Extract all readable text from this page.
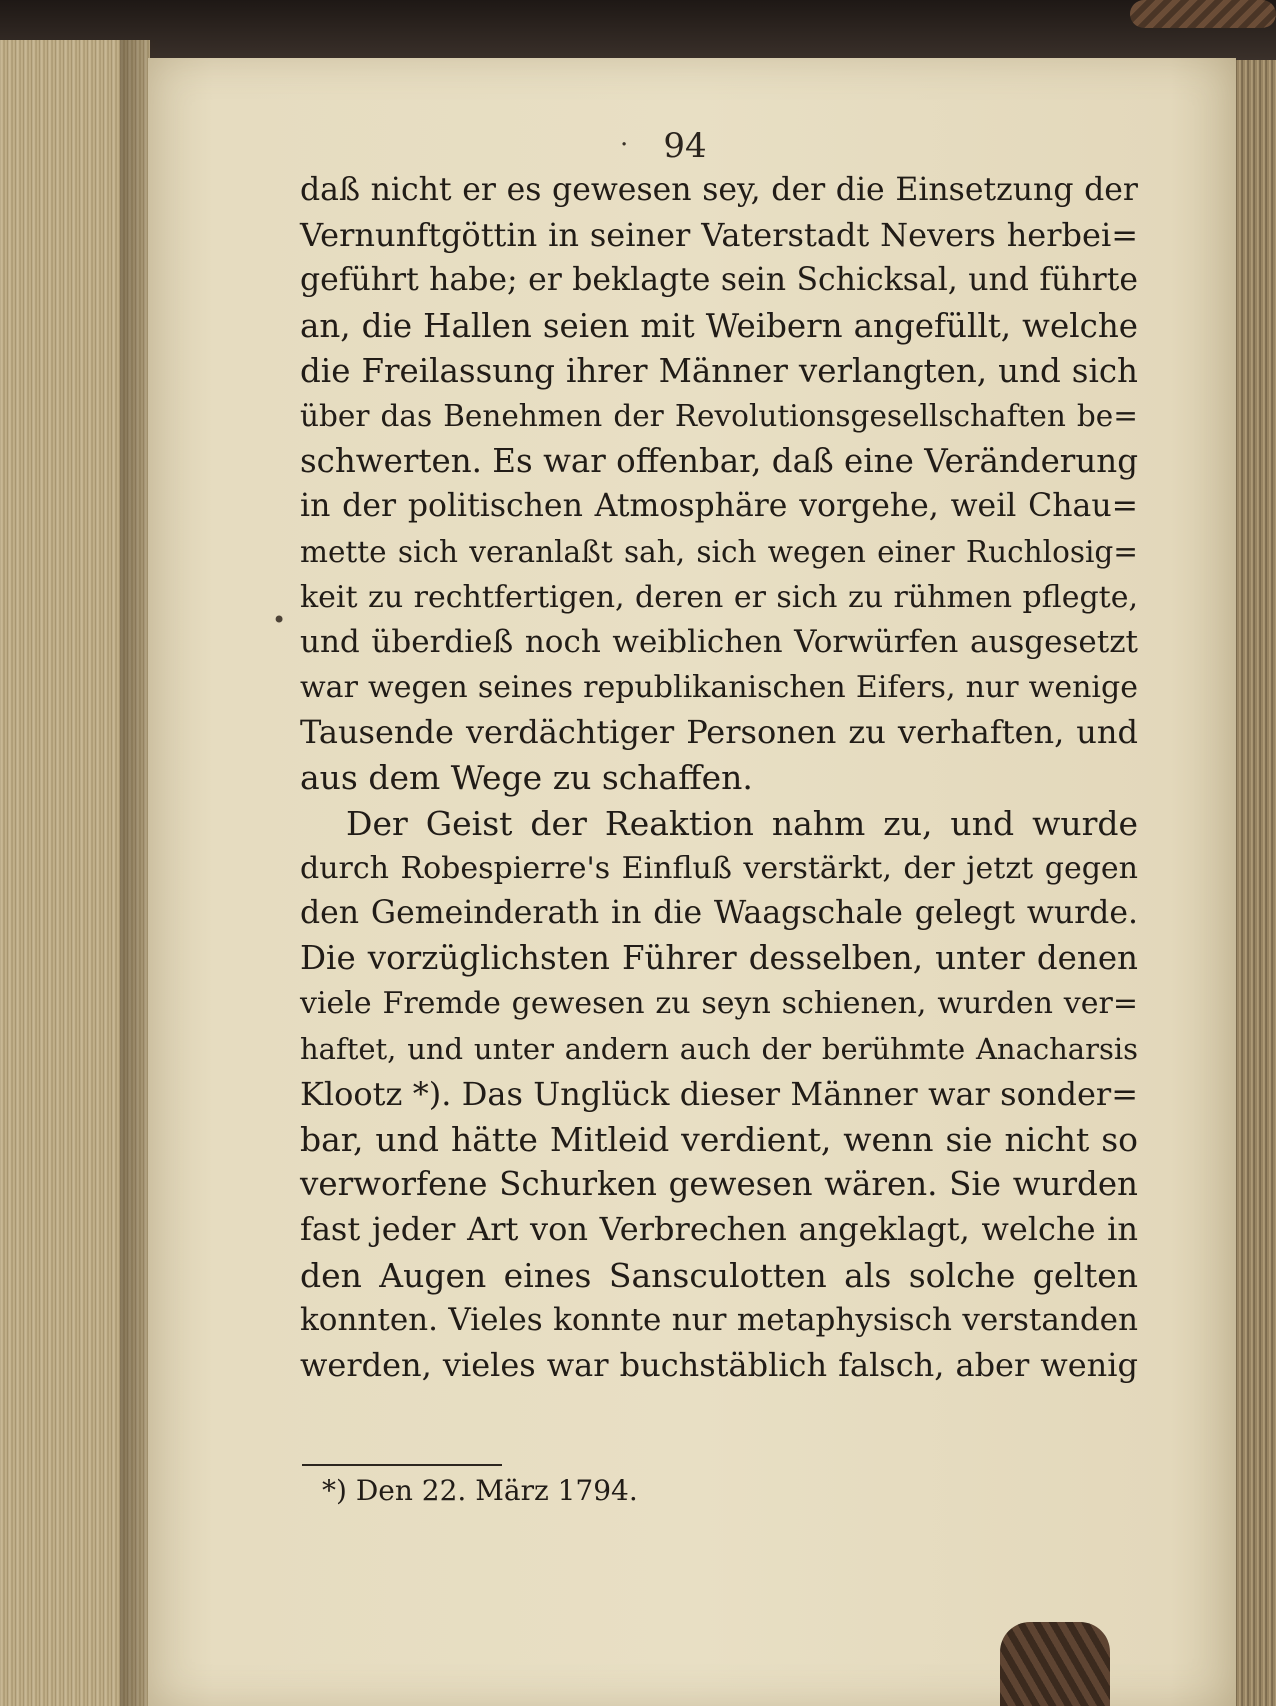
·	94
•
daß nicht er es gewesen sey, der die Einsetzung der
Vernunftgöttin in seiner Vaterstadt Nevers herbei=
geführt habe; er beklagte sein Schicksal, und führte
an, die Hallen seien mit Weibern angefüllt, welche
die Freilassung ihrer Männer verlangten, und sich
über das Benehmen der Revolutionsgesellschaften be=
schwerten. Es war offenbar, daß eine Veränderung
in der politischen Atmosphäre vorgehe, weil Chau=
mette sich veranlaßt sah, sich wegen einer Ruchlosig=
keit zu rechtfertigen, deren er sich zu rühmen pflegte,
und überdieß noch weiblichen Vorwürfen ausgesetzt
war wegen seines republikanischen Eifers, nur wenige
Tausende verdächtiger Personen zu verhaften, und
aus dem Wege zu schaffen.
Der Geist der Reaktion nahm zu, und wurde
durch Robespierre's Einfluß verstärkt, der jetzt gegen
den Gemeinderath in die Waagschale gelegt wurde.
Die vorzüglichsten Führer desselben, unter denen
viele Fremde gewesen zu seyn schienen, wurden ver=
haftet, und unter andern auch der berühmte Anacharsis
Klootz *). Das Unglück dieser Männer war sonder=
bar, und hätte Mitleid verdient, wenn sie nicht so
verworfene Schurken gewesen wären. Sie wurden
fast jeder Art von Verbrechen angeklagt, welche in
den Augen eines Sansculotten als solche gelten
konnten. Vieles konnte nur metaphysisch verstanden
werden, vieles war buchstäblich falsch, aber wenig
*) Den 22. März 1794.
